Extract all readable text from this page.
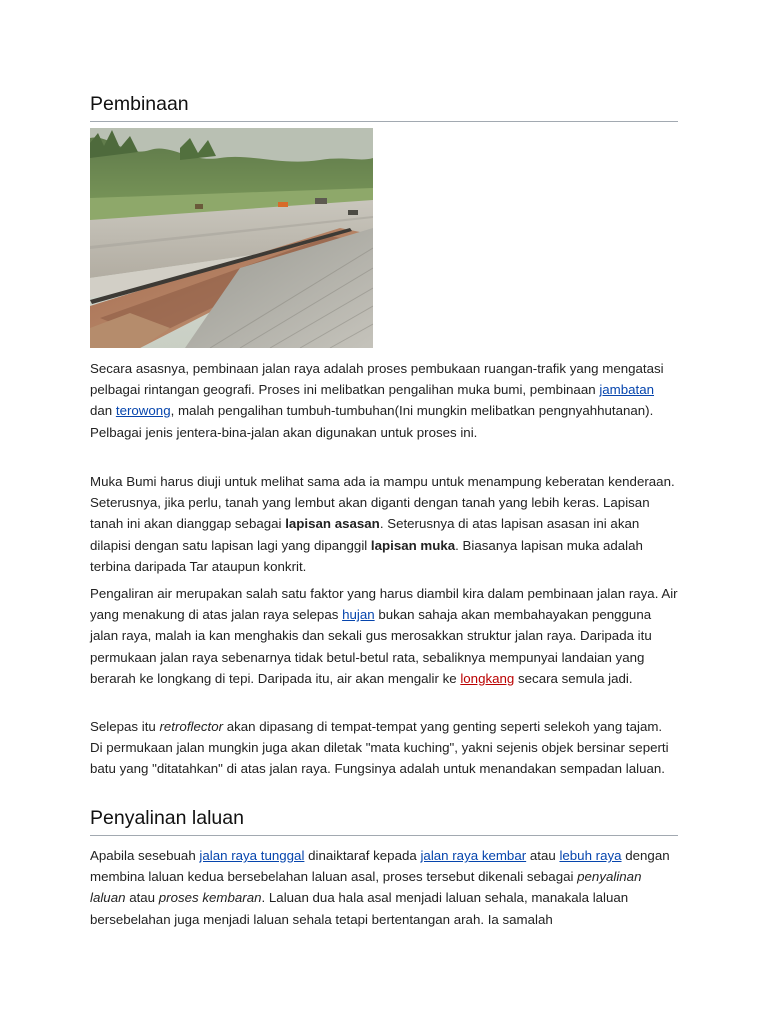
Pembinaan

Secara asasnya, pembinaan jalan raya adalah proses pembukaan ruangan-trafik yang mengatasi pelbagai rintangan geografi. Proses ini melibatkan pengalihan muka bumi, pembinaan jambatan dan terowong, malah pengalihan tumbuh-tumbuhan(Ini mungkin melibatkan pengnyahhutanan). Pelbagai jenis jentera-bina-jalan akan digunakan untuk proses ini.

Muka Bumi harus diuji untuk melihat sama ada ia mampu untuk menampung keberatan kenderaan. Seterusnya, jika perlu, tanah yang lembut akan diganti dengan tanah yang lebih keras. Lapisan tanah ini akan dianggap sebagai lapisan asasan. Seterusnya di atas lapisan asasan ini akan dilapisi dengan satu lapisan lagi yang dipanggil lapisan muka. Biasanya lapisan muka adalah terbina daripada Tar ataupun konkrit.

Pengaliran air merupakan salah satu faktor yang harus diambil kira dalam pembinaan jalan raya. Air yang menakung di atas jalan raya selepas hujan bukan sahaja akan membahayakan pengguna jalan raya, malah ia kan menghakis dan sekali gus merosakkan struktur jalan raya. Daripada itu permukaan jalan raya sebenarnya tidak betul-betul rata, sebaliknya mempunyai landaian yang berarah ke longkang di tepi. Daripada itu, air akan mengalir ke longkang secara semula jadi.

Selepas itu retroflector akan dipasang di tempat-tempat yang genting seperti selekoh yang tajam. Di permukaan jalan mungkin juga akan diletak "mata kuching", yakni sejenis objek bersinar seperti batu yang "ditatahkan" di atas jalan raya. Fungsinya adalah untuk menandakan sempadan laluan.

Penyalinan laluan

Apabila sesebuah jalan raya tunggal dinaiktaraf kepada jalan raya kembar atau lebuh raya dengan membina laluan kedua bersebelahan laluan asal, proses tersebut dikenali sebagai penyalinan laluan atau proses kembaran. Laluan dua hala asal menjadi laluan sehala, manakala laluan bersebelahan juga menjadi laluan sehala tetapi bertentangan arah. Ia samalah
